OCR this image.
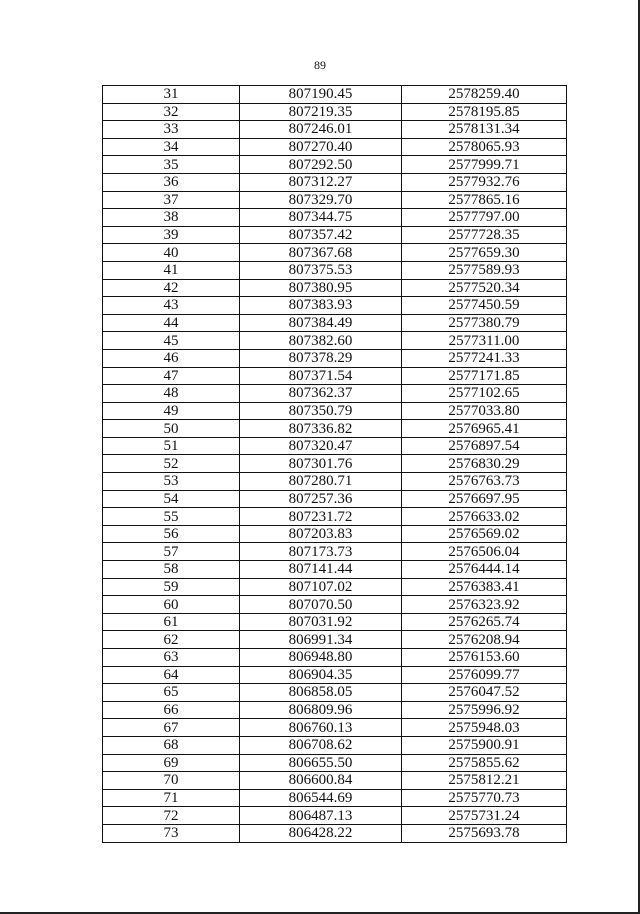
89
31	807190.45	2578259.40
32	807219.35	2578195.85
33	807246.01	2578131.34
34	807270.40	2578065.93
35	807292.50	2577999.71
36	807312.27	2577932.76
37	807329.70	2577865.16
38	807344.75	2577797.00
39	807357.42	2577728.35
40	807367.68	2577659.30
41	807375.53	2577589.93
42	807380.95	2577520.34
43	807383.93	2577450.59
44	807384.49	2577380.79
45	807382.60	2577311.00
46	807378.29	2577241.33
47	807371.54	2577171.85
48	807362.37	2577102.65
49	807350.79	2577033.80
50	807336.82	2576965.41
51	807320.47	2576897.54
52	807301.76	2576830.29
53	807280.71	2576763.73
54	807257.36	2576697.95
55	807231.72	2576633.02
56	807203.83	2576569.02
57	807173.73	2576506.04
58	807141.44	2576444.14
59	807107.02	2576383.41
60	807070.50	2576323.92
61	807031.92	2576265.74
62	806991.34	2576208.94
63	806948.80	2576153.60
64	806904.35	2576099.77
65	806858.05	2576047.52
66	806809.96	2575996.92
67	806760.13	2575948.03
68	806708.62	2575900.91
69	806655.50	2575855.62
70	806600.84	2575812.21
71	806544.69	2575770.73
72	806487.13	2575731.24
73	806428.22	2575693.78
